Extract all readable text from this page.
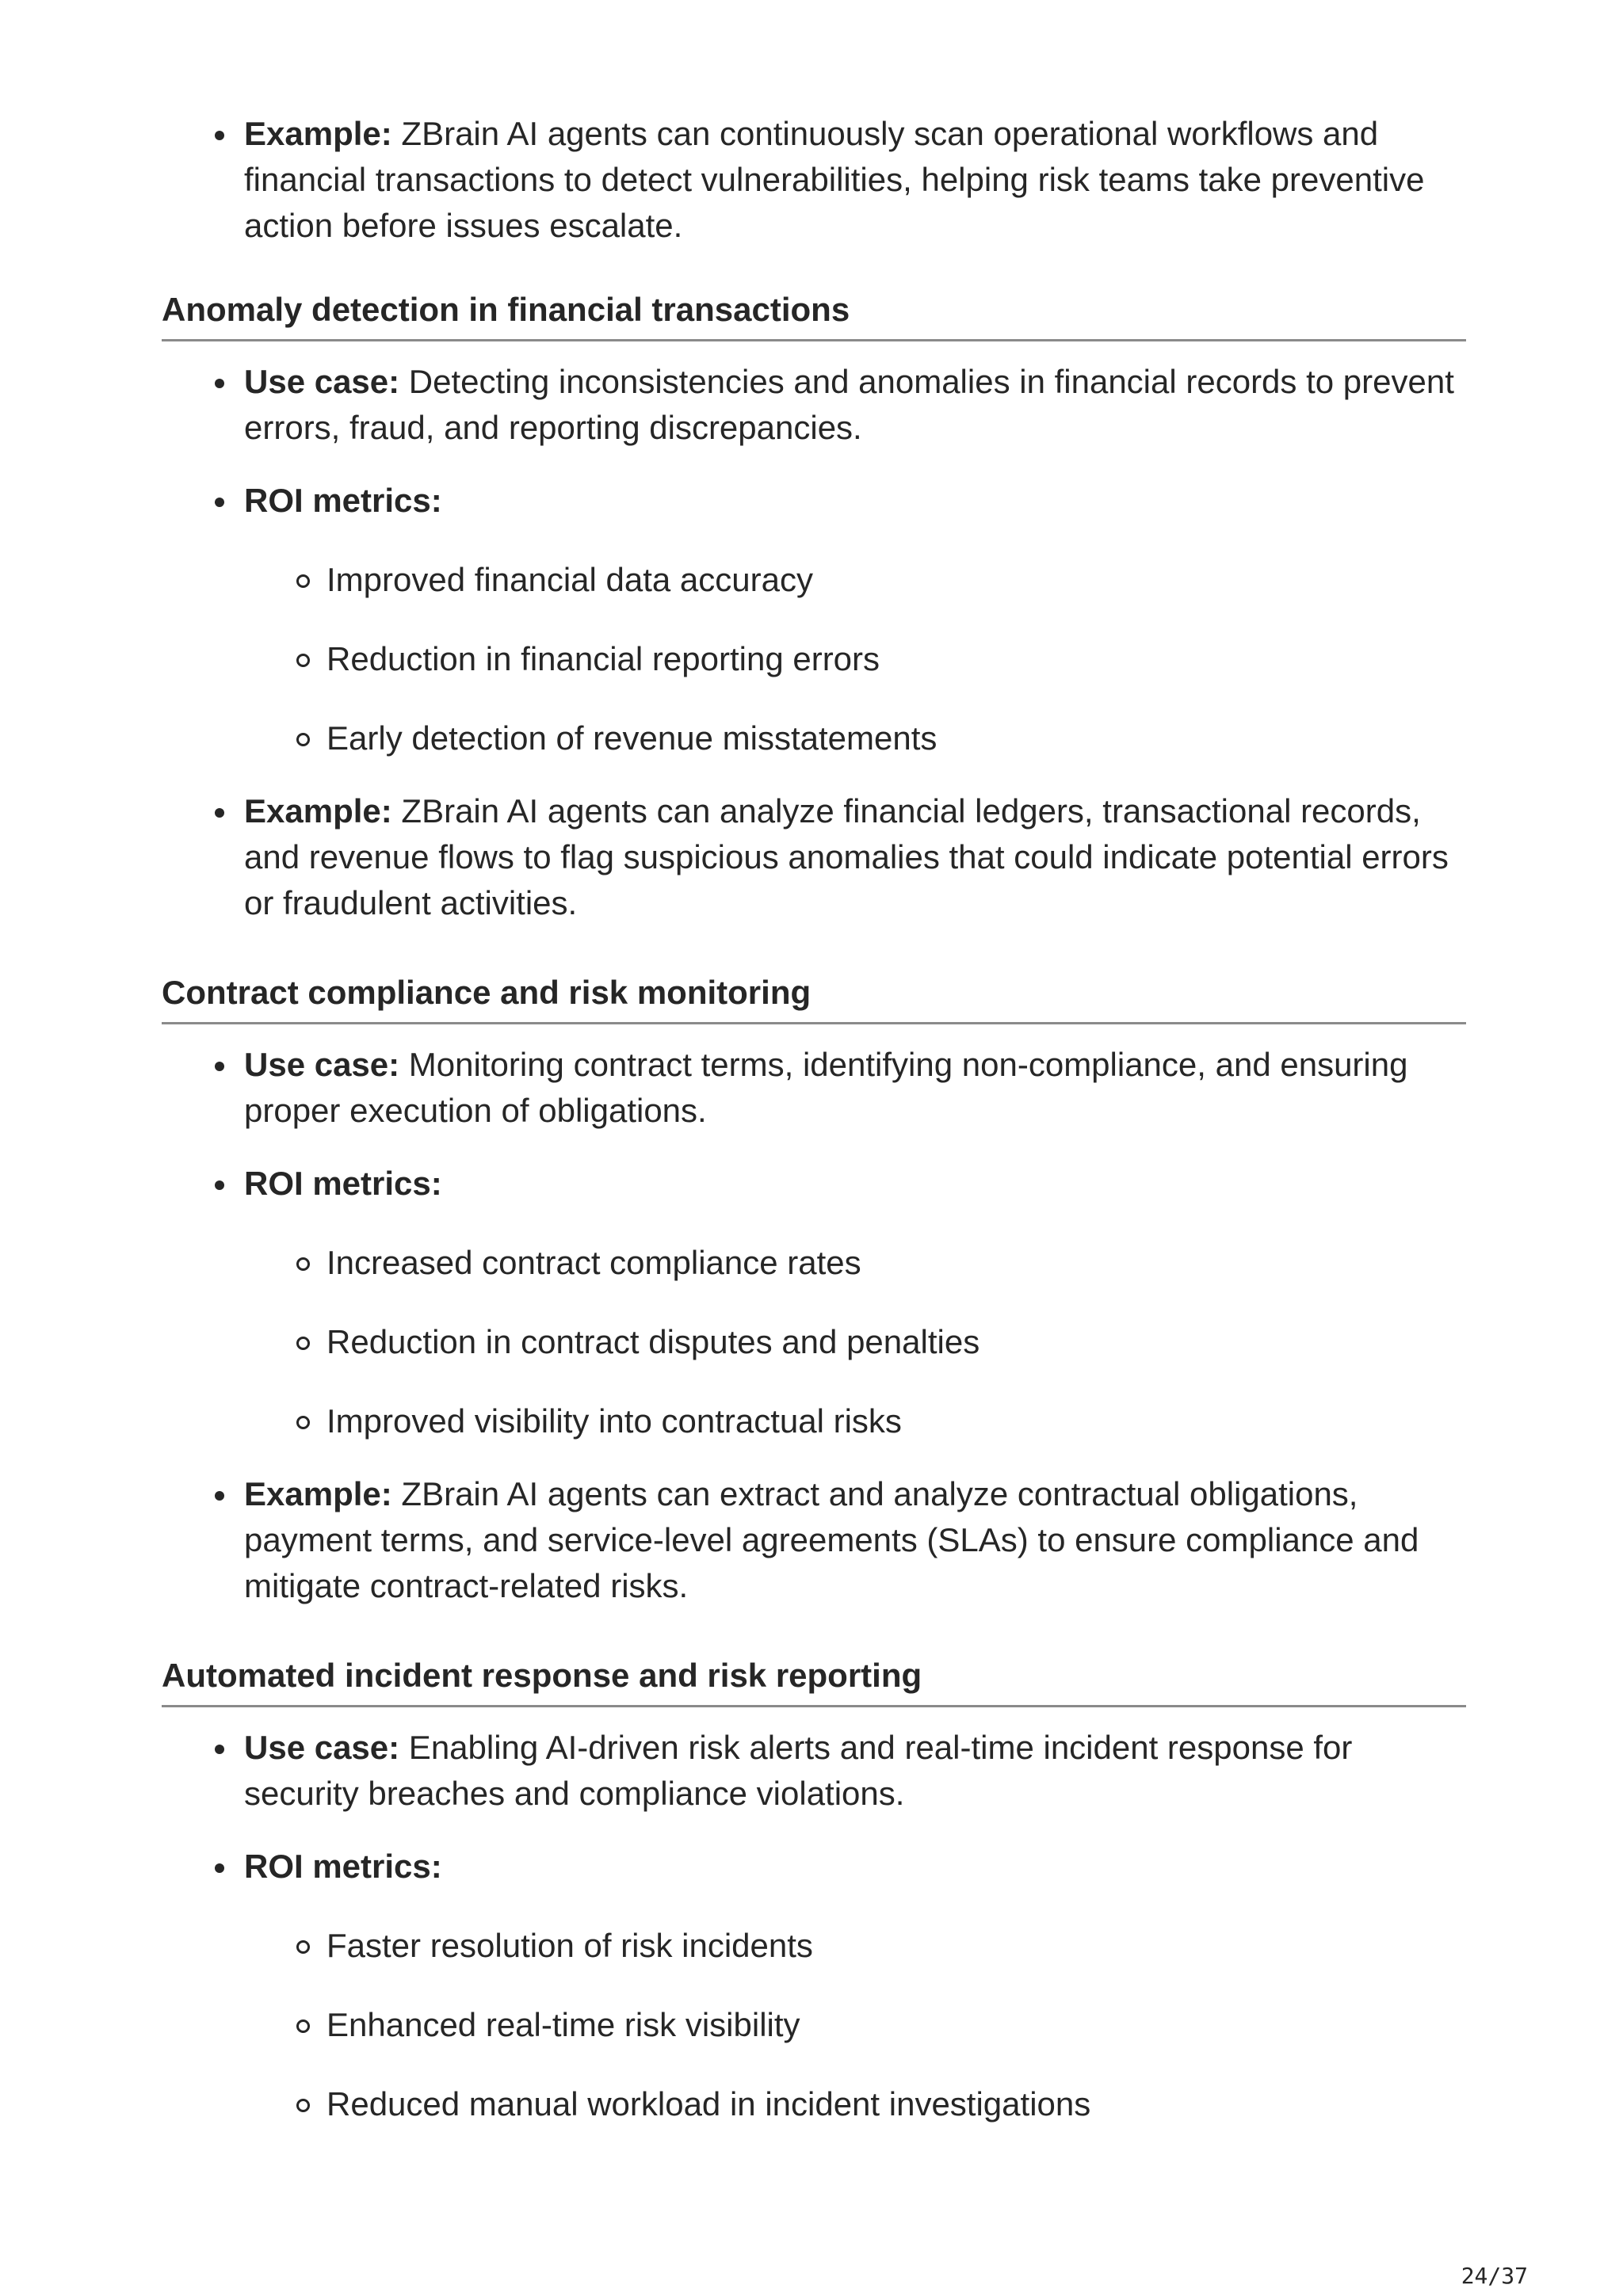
Example: ZBrain AI agents can continuously scan operational workflows and financial transactions to detect vulnerabilities, helping risk teams take preventive action before issues escalate.
Anomaly detection in financial transactions
Use case: Detecting inconsistencies and anomalies in financial records to prevent errors, fraud, and reporting discrepancies.
ROI metrics:
Improved financial data accuracy
Reduction in financial reporting errors
Early detection of revenue misstatements
Example: ZBrain AI agents can analyze financial ledgers, transactional records, and revenue flows to flag suspicious anomalies that could indicate potential errors or fraudulent activities.
Contract compliance and risk monitoring
Use case: Monitoring contract terms, identifying non-compliance, and ensuring proper execution of obligations.
ROI metrics:
Increased contract compliance rates
Reduction in contract disputes and penalties
Improved visibility into contractual risks
Example: ZBrain AI agents can extract and analyze contractual obligations, payment terms, and service-level agreements (SLAs) to ensure compliance and mitigate contract-related risks.
Automated incident response and risk reporting
Use case: Enabling AI-driven risk alerts and real-time incident response for security breaches and compliance violations.
ROI metrics:
Faster resolution of risk incidents
Enhanced real-time risk visibility
Reduced manual workload in incident investigations
24/37
